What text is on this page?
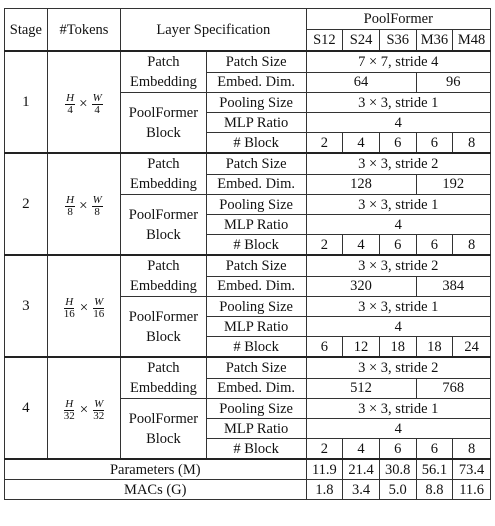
Stage	#Tokens	Layer Specification		PoolFormer				
				S12	S24	S36	M36	M48
1	$\frac{H}{4} \times \frac{W}{4}$	Patch Embedding	Patch Size	7 × 7, stride 4				
			Embed. Dim.	64			96	
		PoolFormer Block	Pooling Size	3 × 3, stride 1				
			MLP Ratio	4				
			# Block	2	4	6	6	8
2	$\frac{H}{8} \times \frac{W}{8}$	Patch Embedding	Patch Size	3 × 3, stride 2				
			Embed. Dim.	128			192	
		PoolFormer Block	Pooling Size	3 × 3, stride 1				
			MLP Ratio	4				
			# Block	2	4	6	6	8
3	$\frac{H}{16} \times \frac{W}{16}$	Patch Embedding	Patch Size	3 × 3, stride 2				
			Embed. Dim.	320			384	
		PoolFormer Block	Pooling Size	3 × 3, stride 1				
			MLP Ratio	4				
			# Block	6	12	18	18	24
4	$\frac{H}{32} \times \frac{W}{32}$	Patch Embedding	Patch Size	3 × 3, stride 2				
			Embed. Dim.	512			768	
		PoolFormer Block	Pooling Size	3 × 3, stride 1				
			MLP Ratio	4				
			# Block	2	4	6	6	8
Parameters (M)				11.9	21.4	30.8	56.1	73.4
MACs (G)				1.8	3.4	5.0	8.8	11.6
